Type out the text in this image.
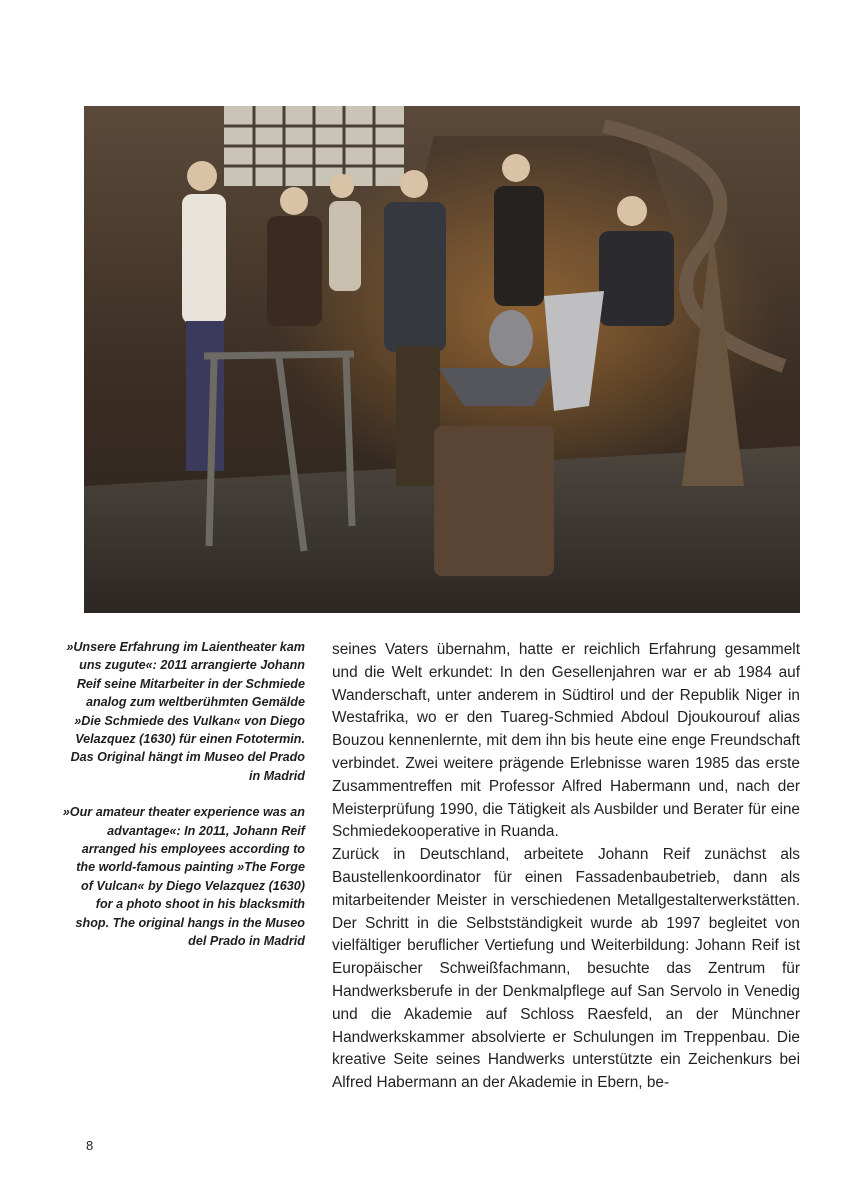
»Unsere Erfahrung im Laientheater kam uns zugute«: 2011 arrangierte Johann Reif seine Mitarbeiter in der Schmiede analog zum weltberühmten Gemälde »Die Schmiede des Vulkan« von Diego Velazquez (1630) für einen Fototermin. Das Original hängt im Museo del Prado in Madrid

»Our amateur theater experience was an advantage«: In 2011, Johann Reif arranged his employees according to the world-famous painting »The Forge of Vulcan« by Diego Velazquez (1630) for a photo shoot in his blacksmith shop. The original hangs in the Museo del Prado in Madrid

seines Vaters übernahm, hatte er reichlich Erfahrung gesammelt und die Welt erkundet: In den Gesellenjahren war er ab 1984 auf Wanderschaft, unter anderem in Südtirol und der Republik Niger in Westafrika, wo er den Tuareg-Schmied Abdoul Djoukourouf alias Bouzou kennenlernte, mit dem ihn bis heute eine enge Freundschaft verbindet. Zwei weitere prägende Erlebnisse waren 1985 das erste Zusammentreffen mit Professor Alfred Habermann und, nach der Meisterprüfung 1990, die Tätigkeit als Ausbilder und Berater für eine Schmiedekooperative in Ruanda.

Zurück in Deutschland, arbeitete Johann Reif zunächst als Baustellenkoordinator für einen Fassadenbaubetrieb, dann als mitarbeitender Meister in verschiedenen Metallgestalterwerkstätten. Der Schritt in die Selbstständigkeit wurde ab 1997 begleitet von vielfältiger beruflicher Vertiefung und Weiterbildung: Johann Reif ist Europäischer Schweißfachmann, besuchte das Zentrum für Handwerksberufe in der Denkmalpflege auf San Servolo in Venedig und die Akademie auf Schloss Raesfeld, an der Münchner Handwerkskammer absolvierte er Schulungen im Treppenbau. Die kreative Seite seines Handwerks unterstützte ein Zeichenkurs bei Alfred Habermann an der Akademie in Ebern, be-

8
